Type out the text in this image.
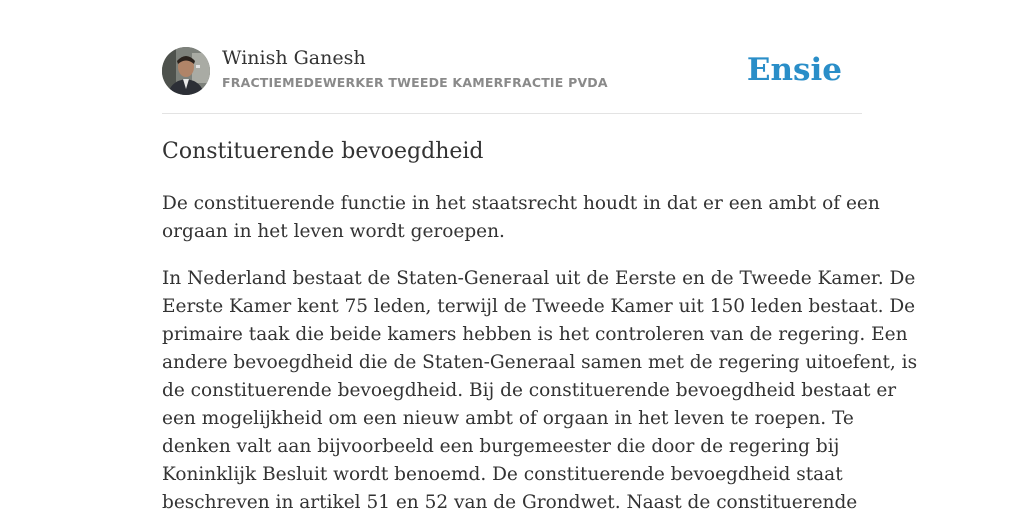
Winish Ganesh
FRACTIEMEDEWERKER TWEEDE KAMERFRACTIE PVDA	Ensie
Constituerende bevoegdheid

De constituerende functie in het staatsrecht houdt in dat er een ambt of een
orgaan in het leven wordt geroepen.

In Nederland bestaat de Staten-Generaal uit de Eerste en de Tweede Kamer. De
Eerste Kamer kent 75 leden, terwijl de Tweede Kamer uit 150 leden bestaat. De
primaire taak die beide kamers hebben is het controleren van de regering. Een
andere bevoegdheid die de Staten-Generaal samen met de regering uitoefent, is
de constituerende bevoegdheid. Bij de constituerende bevoegdheid bestaat er
een mogelijkheid om een nieuw ambt of orgaan in het leven te roepen. Te
denken valt aan bijvoorbeeld een burgemeester die door de regering bij
Koninklijk Besluit wordt benoemd. De constituerende bevoegdheid staat
beschreven in artikel 51 en 52 van de Grondwet. Naast de constituerende
